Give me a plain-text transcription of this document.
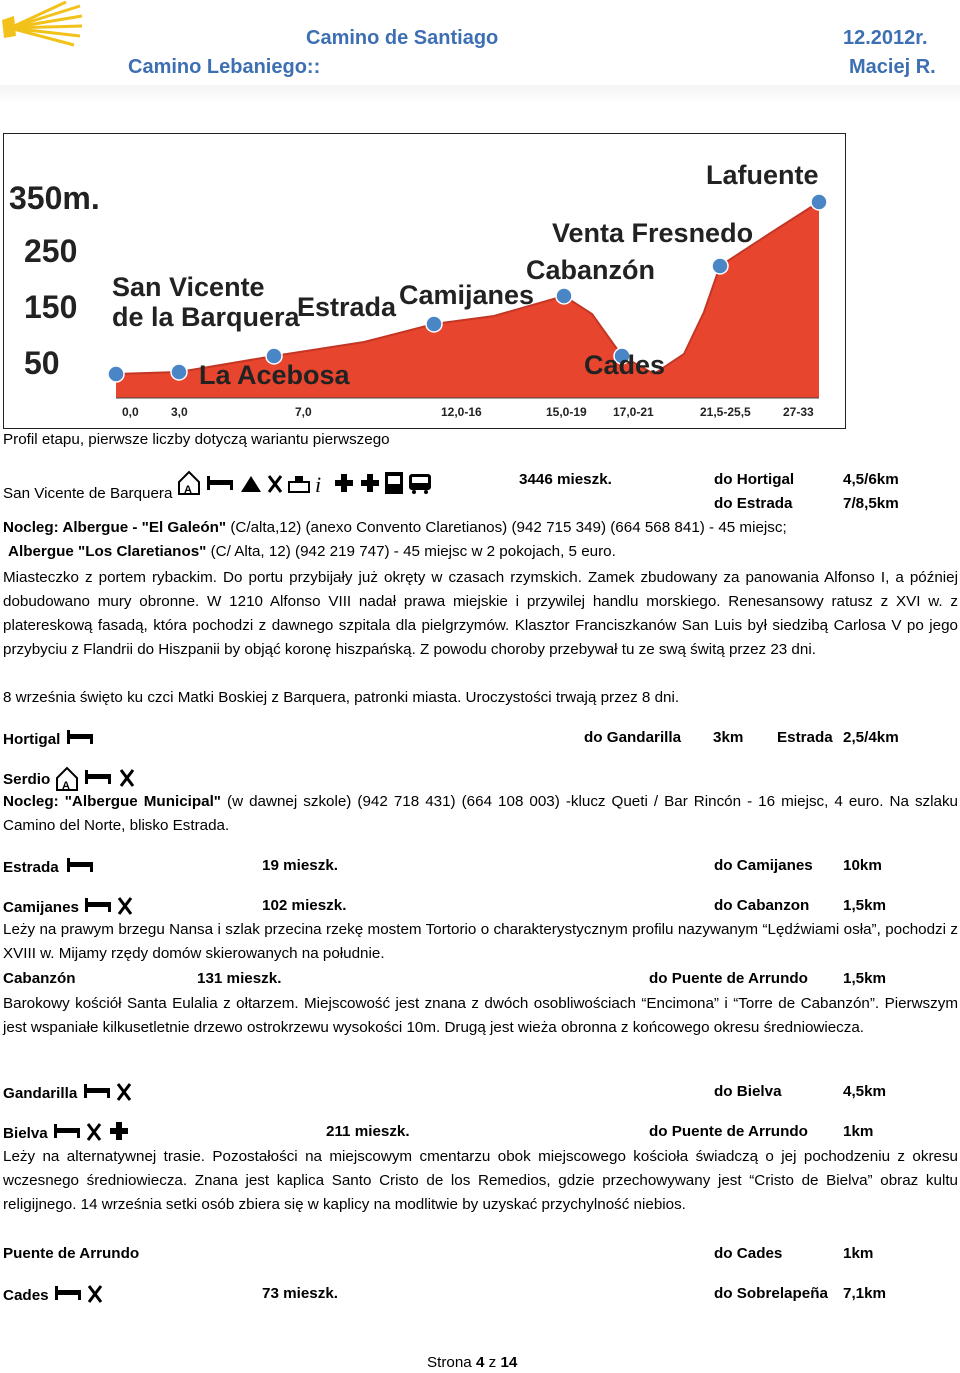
Camino de Santiago
Camino Lebaniego::
12.2012r.
Maciej R.
350m.
250
150
50
San Vicente
de la Barquera
La Acebosa
Estrada Camijanes
Cabanzón
Cades
Venta Fresnedo
Lafuente
0,0	3,0	7,0	12,0-16	15,0-19 17,0-21	21,5-25,5	27-33
Profil etapu, pierwsze liczby dotyczą wariantu pierwszego
San Vicente de Barquera A	i	3446 mieszk.	do Hortigal	4,5/6km
do Estrada	7/8,5km
Nocleg: Albergue - "El Galeón" (C/alta,12) (anexo Convento Claretianos) (942 715 349) (664 568 841) - 45 miejsc;
Albergue "Los Claretianos" (C/ Alta, 12) (942 219 747) - 45 miejsc w 2 pokojach, 5 euro.
Miasteczko z portem rybackim. Do portu przybijały już okręty w czasach rzymskich. Zamek zbudowany za panowania Alfonso I, a później dobudowano mury obronne. W 1210 Alfonso VIII nadał prawa miejskie i przywilej handlu morskiego. Renesansowy ratusz z XVI w. z platereskową fasadą, która pochodzi z dawnego szpitala dla pielgrzymów. Klasztor Franciszkanów San Luis był siedzibą Carlosa V po jego przybyciu z Flandrii do Hiszpanii by objąć koronę hiszpańską. Z powodu choroby przebywał tu ze swą świtą przez 23 dni.
8 września święto ku czci Matki Boskiej z Barquera, patronki miasta. Uroczystości trwają przez 8 dni.
Hortigal	do Gandarilla 3km Estrada 2,5/4km
Serdio A
Nocleg: "Albergue Municipal" (w dawnej szkole) (942 718 431) (664 108 003) -klucz Queti / Bar Rincón - 16 miejsc, 4 euro. Na szlaku Camino del Norte, blisko Estrada.
Estrada	19 mieszk.	do Camijanes 10km
Camijanes	102 mieszk.	do Cabanzon 1,5km
Leży na prawym brzegu Nansa i szlak przecina rzekę mostem Tortorio o charakterystycznym profilu nazywanym “Lędźwiami osła”, pochodzi z XVIII w. Mijamy rzędy domów skierowanych na południe.
Cabanzón	131 mieszk.	do Puente de Arrundo 1,5km
Barokowy kościół Santa Eulalia z ołtarzem. Miejscowość jest znana z dwóch osobliwościach “Encimona” i “Torre de Cabanzón”. Pierwszym jest wspaniałe kilkusetletnie drzewo ostrokrzewu wysokości 10m. Drugą jest wieża obronna z końcowego okresu średniowiecza.
Gandarilla	do Bielva	4,5km
Bielva	211 mieszk.	do Puente de Arrundo 1km
Leży na alternatywnej trasie. Pozostałości na miejscowym cmentarzu obok miejscowego kościoła świadczą o jej pochodzeniu z okresu wczesnego średniowiecza. Znana jest kaplica Santo Cristo de los Remedios, gdzie przechowywany jest “Cristo de Bielva” obraz kultu religijnego. 14 września setki osób zbiera się w kaplicy na modlitwie by uzyskać przychylność niebios.
Puente de Arrundo	do Cades	1km
Cades	73 mieszk.	do Sobrelapeña 7,1km
Strona 4 z 14
